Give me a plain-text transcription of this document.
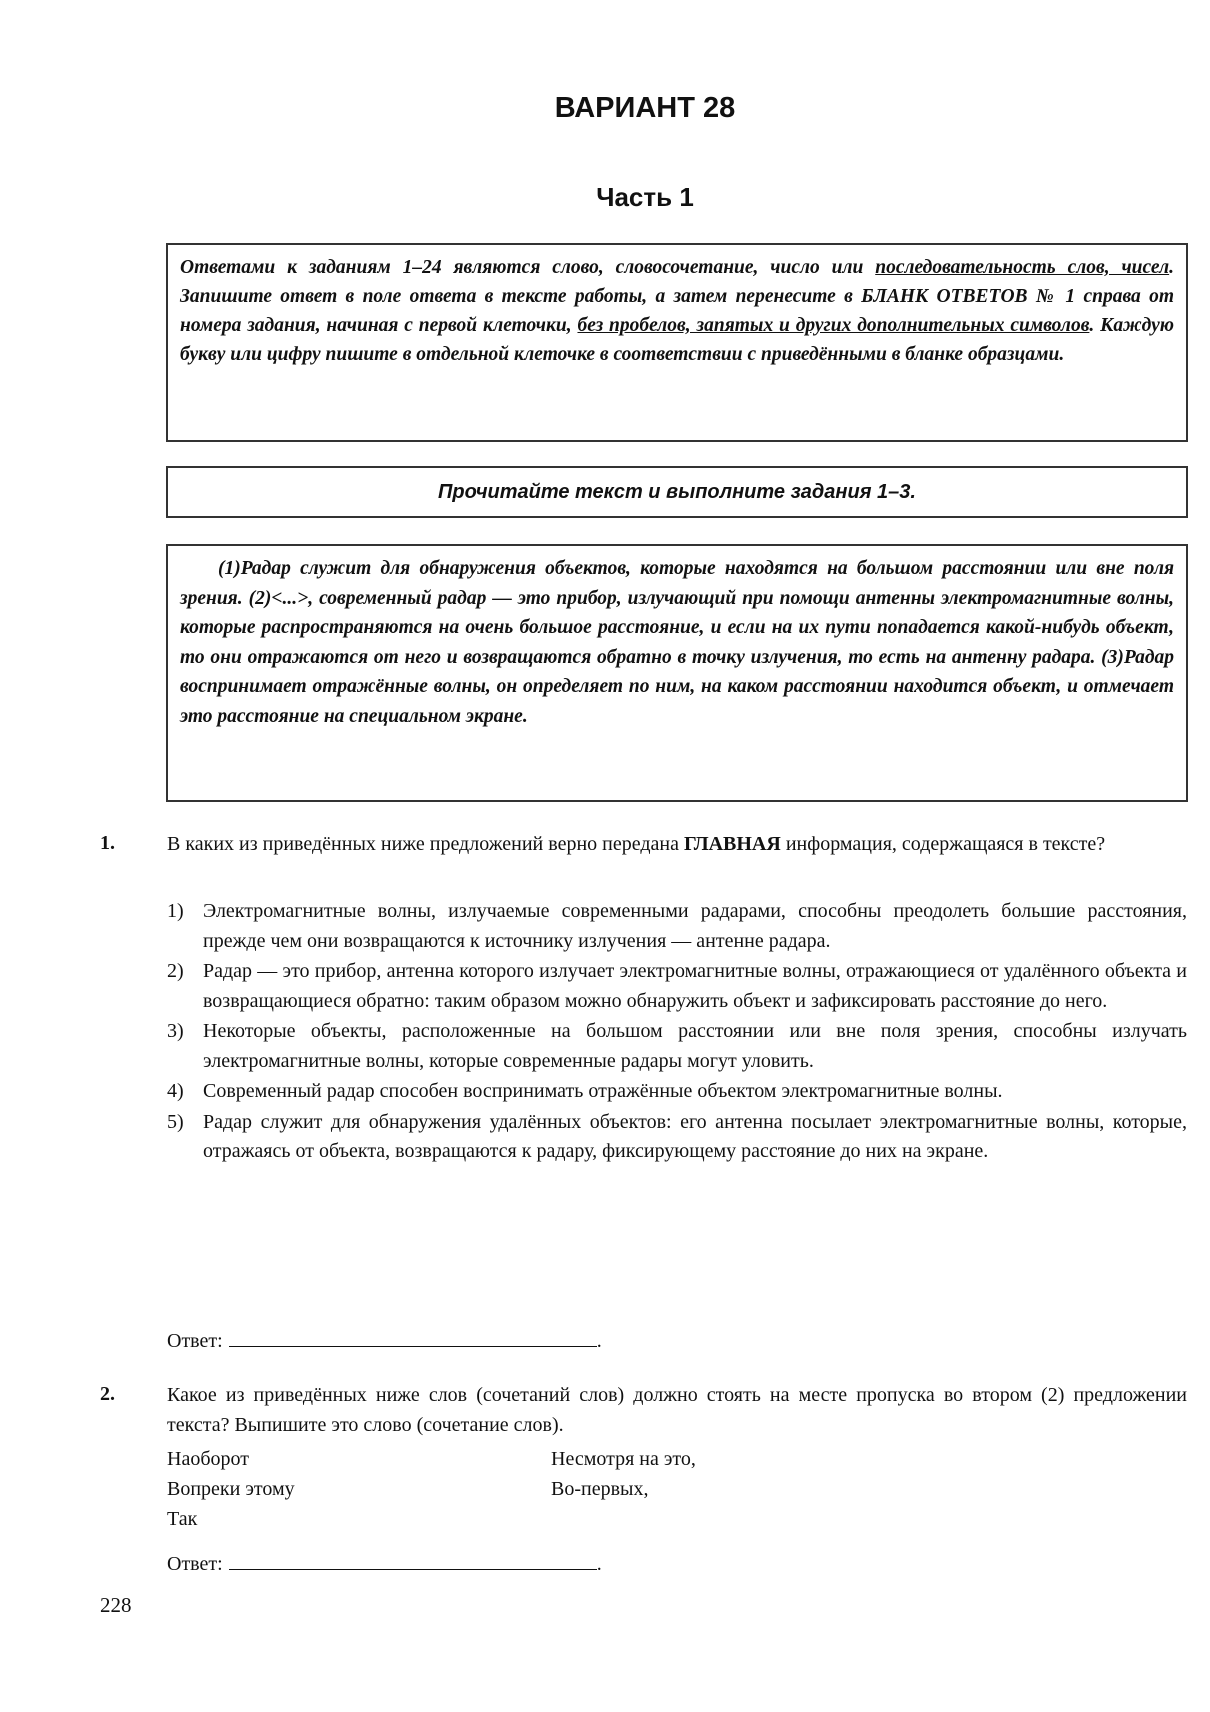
ВАРИАНТ 28
Часть 1
Ответами к заданиям 1–24 являются слово, словосочетание, число или последовательность слов, чисел. Запишите ответ в поле ответа в тексте работы, а затем перенесите в БЛАНК ОТВЕТОВ № 1 справа от номера задания, начиная с первой клеточки, без пробелов, запятых и других дополнительных символов. Каждую букву или цифру пишите в отдельной клеточке в соответствии с приведёнными в бланке образцами.
Прочитайте текст и выполните задания 1–3.

(1)Радар служит для обнаружения объектов, которые находятся на большом расстоянии или вне поля зрения. (2)<...>, современный радар — это прибор, излучающий при помощи антенны электромагнитные волны, которые распространяются на очень большое расстояние, и если на их пути попадается какой-нибудь объект, то они отражаются от него и возвращаются обратно в точку излучения, то есть на антенну радара. (3)Радар воспринимает отражённые волны, он определяет по ним, на каком расстоянии находится объект, и отмечает это расстояние на специальном экране.

1.	В каких из приведённых ниже предложений верно передана ГЛАВНАЯ информация, содержащаяся в тексте?
1) Электромагнитные волны, излучаемые современными радарами, способны преодолеть большие расстояния, прежде чем они возвращаются к источнику излучения — антенне радара.
2) Радар — это прибор, антенна которого излучает электромагнитные волны, отражающиеся от удалённого объекта и возвращающиеся обратно: таким образом можно обнаружить объект и зафиксировать расстояние до него.
3) Некоторые объекты, расположенные на большом расстоянии или вне поля зрения, способны излучать электромагнитные волны, которые современные радары могут уловить.
4) Современный радар способен воспринимать отражённые объектом электромагнитные волны.
5) Радар служит для обнаружения удалённых объектов: его антенна посылает электромагнитные волны, которые, отражаясь от объекта, возвращаются к радару, фиксирующему расстояние до них на экране.
Ответ:	.
2.	Какое из приведённых ниже слов (сочетаний слов) должно стоять на месте пропуска во втором (2) предложении текста? Выпишите это слово (сочетание слов).
Наоборот	Несмотря на это,
Вопреки этому	Во-первых,
Так
Ответ:	.
228
